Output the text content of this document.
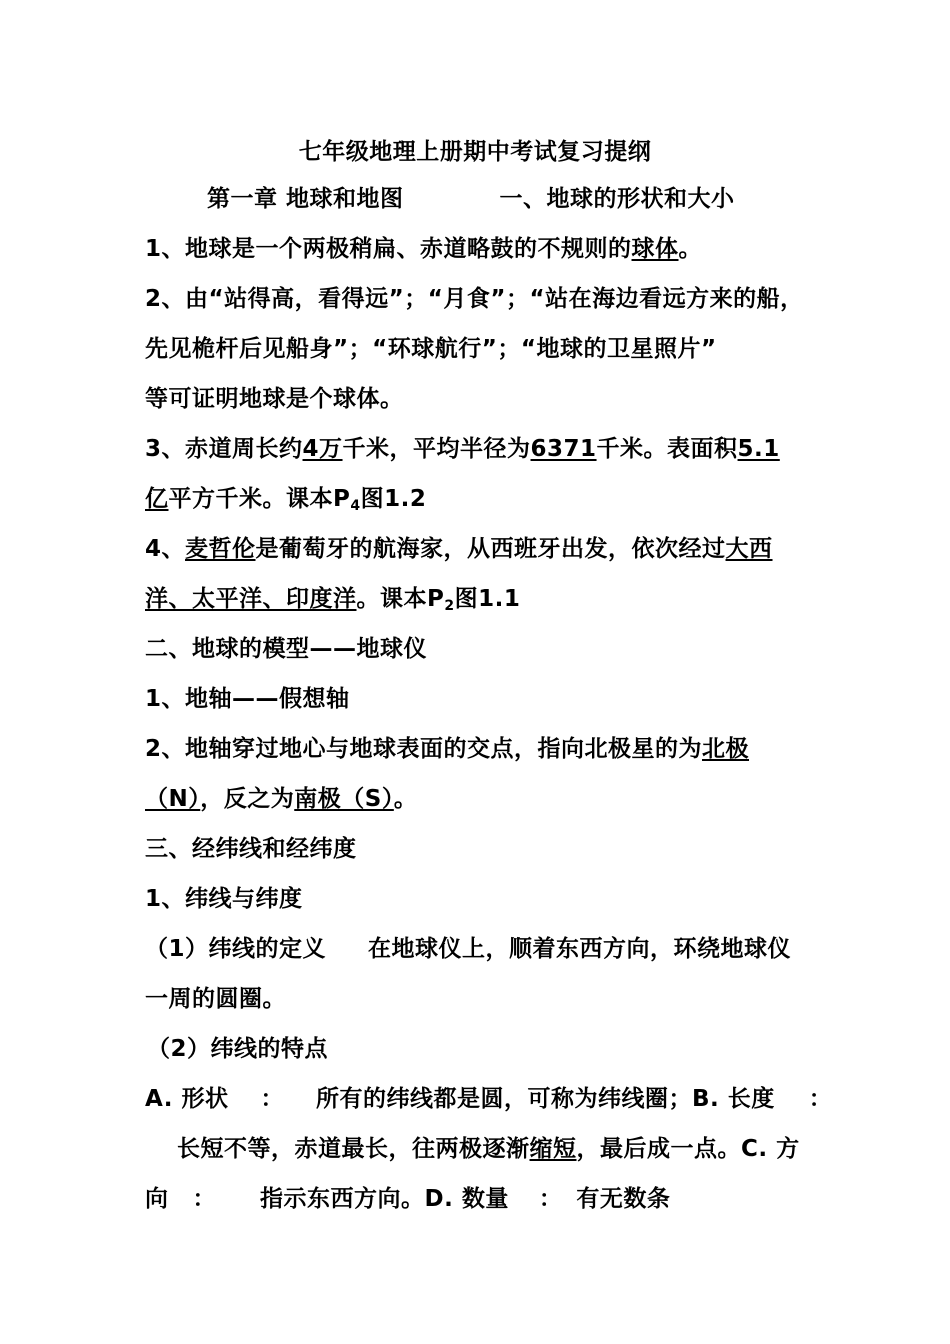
七年级地理上册期中考试复习提纲
第一章 地球和地图	一、地球的形状和大小
1、地球是一个两极稍扁、赤道略鼓的不规则的球体。
2、由“站得高，看得远”；“月食”；“站在海边看远方来的船，
先见桅杆后见船身”；“环球航行”；“地球的卫星照片”
等可证明地球是个球体。
3、赤道周长约4万千米，平均半径为6371千米。表面积5.1
亿平方千米。课本$P_4$图1.2
4、麦哲伦是葡萄牙的航海家，从西班牙出发，依次经过大西
洋、太平洋、印度洋。课本$P_2$图1.1
二、地球的模型——地球仪
1、地轴——假想轴
2、地轴穿过地心与地球表面的交点，指向北极星的为北极
（N），反之为南极（S）。
三、经纬线和经纬度
1、纬线与纬度
（1）纬线的定义 在地球仪上，顺着东西方向，环绕地球仪
一周的圆圈。
（2）纬线的特点
A. 形状 ： 所有的纬线都是圆，可称为纬线圈；B. 长度 ：
长短不等，赤道最长，往两极逐渐缩短，最后成一点。C. 方
向 ： 指示东西方向。D. 数量 ： 有无数条
